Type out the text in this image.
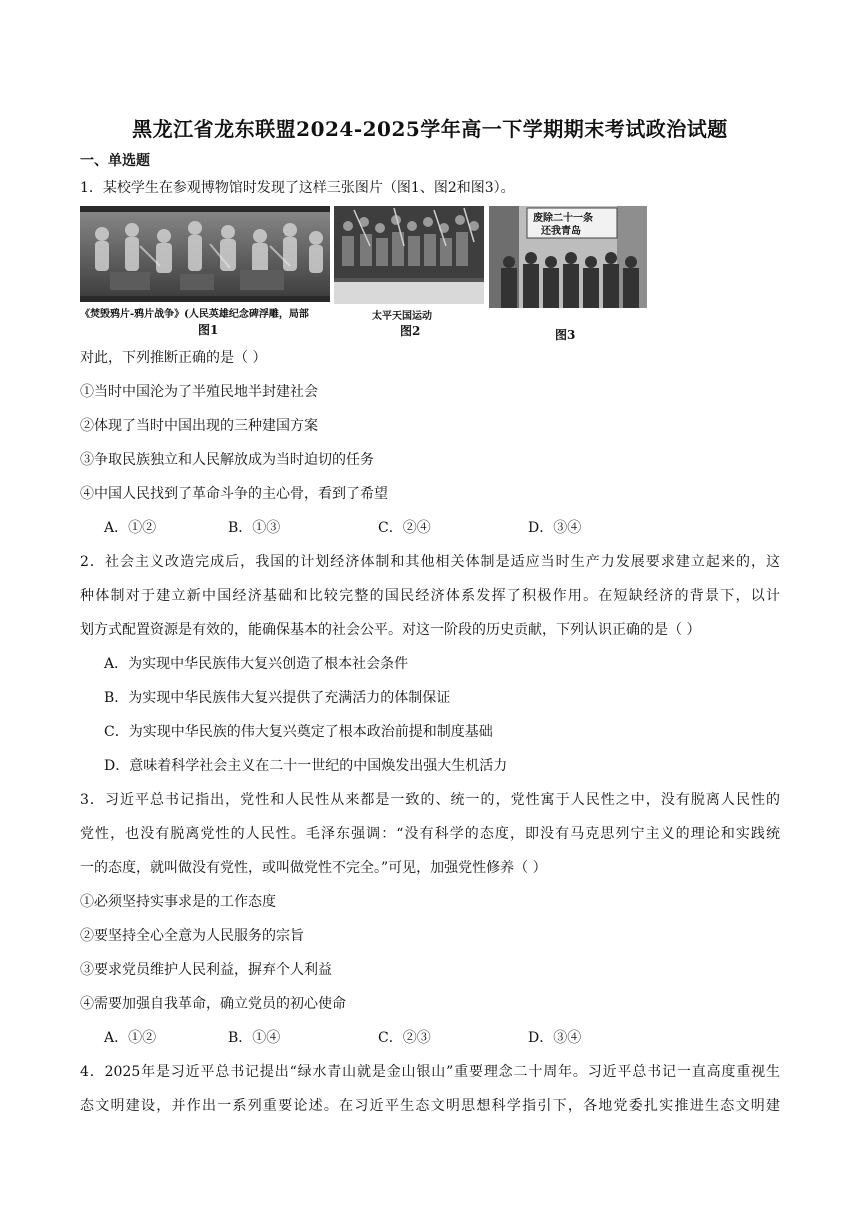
黑龙江省龙东联盟2024-2025学年高一下学期期末考试政治试题
一、单选题
1．某校学生在参观博物馆时发现了这样三张图片（图1、图2和图3）。
《焚毁鸦片-鸦片战争》(人民英雄纪念碑浮雕，局部
图1
太平天国运动
图2
废除二十一条
还我青岛
图3
对此，下列推断正确的是（ ）
①当时中国沦为了半殖民地半封建社会
②体现了当时中国出现的三种建国方案
③争取民族独立和人民解放成为当时迫切的任务
④中国人民找到了革命斗争的主心骨，看到了希望
A．①②	B．①③	C．②④	D．③④
2．社会主义改造完成后，我国的计划经济体制和其他相关体制是适应当时生产力发展要求建立起来的，这
种体制对于建立新中国经济基础和比较完整的国民经济体系发挥了积极作用。在短缺经济的背景下，以计
划方式配置资源是有效的，能确保基本的社会公平。对这一阶段的历史贡献，下列认识正确的是（ ）
A．为实现中华民族伟大复兴创造了根本社会条件
B．为实现中华民族伟大复兴提供了充满活力的体制保证
C．为实现中华民族的伟大复兴奠定了根本政治前提和制度基础
D．意味着科学社会主义在二十一世纪的中国焕发出强大生机活力
3．习近平总书记指出，党性和人民性从来都是一致的、统一的，党性寓于人民性之中，没有脱离人民性的
党性，也没有脱离党性的人民性。毛泽东强调：“没有科学的态度，即没有马克思列宁主义的理论和实践统
一的态度，就叫做没有党性，或叫做党性不完全。”可见，加强党性修养（ ）
①必须坚持实事求是的工作态度
②要坚持全心全意为人民服务的宗旨
③要求党员维护人民利益，摒弃个人利益
④需要加强自我革命，确立党员的初心使命
A．①②	B．①④	C．②③	D．③④
4．2025年是习近平总书记提出“绿水青山就是金山银山”重要理念二十周年。习近平总书记一直高度重视生
态文明建设，并作出一系列重要论述。在习近平生态文明思想科学指引下，各地党委扎实推进生态文明建
